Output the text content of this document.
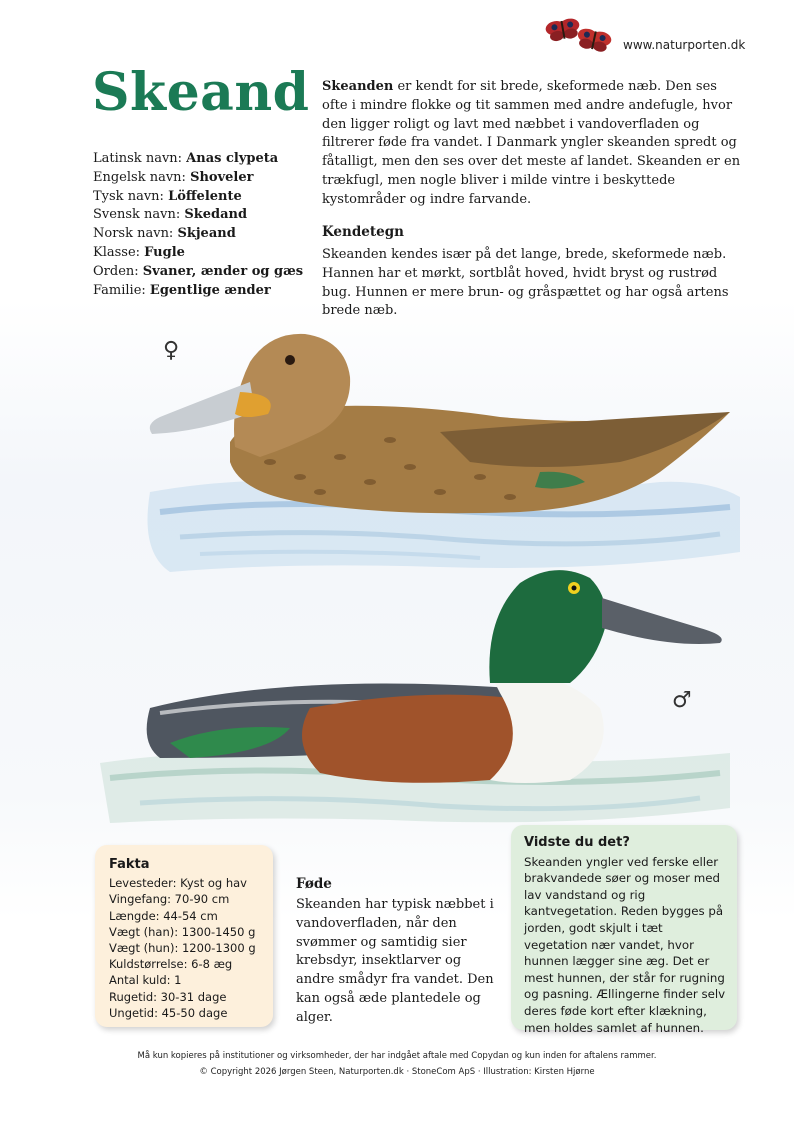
www.naturporten.dk
Skeand
Latinsk navn: Anas clypeta
Engelsk navn: Shoveler
Tysk navn: Löffelente
Svensk navn: Skedand
Norsk navn: Skjeand
Klasse: Fugle
Orden: Svaner, ænder og gæs
Familie: Egentlige ænder

Skeanden er kendt for sit brede, skeformede næb. Den ses ofte i mindre flokke og tit sammen med andre andefugle, hvor den ligger roligt og lavt med næbbet i vandoverfladen og filtrerer føde fra vandet. I Danmark yngler skeanden spredt og fåtalligt, men den ses over det meste af landet. Skeanden er en trækfugl, men nogle bliver i milde vintre i beskyttede kystområder og indre farvande.

Kendetegn

Skeanden kendes især på det lange, brede, skeformede næb. Hannen har et mørkt, sortblåt hoved, hvidt bryst og rustrød bug. Hunnen er mere brun- og gråspættet og har også artens brede næb.

♀
♂
Fakta
Levesteder: Kyst og hav
Vingefang: 70-90 cm
Længde: 44-54 cm
Vægt (han): 1300-1450 g
Vægt (hun): 1200-1300 g
Kuldstørrelse: 6-8 æg
Antal kuld: 1
Rugetid: 30-31 dage
Ungetid: 45-50 dage
Føde

Skeanden har typisk næbbet i vandoverfladen, når den svømmer og samtidig sier krebsdyr, insektlarver og andre smådyr fra vandet. Den kan også æde plantedele og alger.

Vidste du det?
Skeanden yngler ved ferske eller brakvandede søer og moser med lav vandstand og rig kantvegetation. Reden bygges på jorden, godt skjult i tæt vegetation nær vandet, hvor hunnen lægger sine æg. Det er mest hunnen, der står for rugning og pasning. Ællingerne finder selv deres føde kort efter klækning, men holdes samlet af hunnen.
Må kun kopieres på institutioner og virksomheder, der har indgået aftale med Copydan og kun inden for aftalens rammer.
© Copyright 2026 Jørgen Steen, Naturporten.dk · StoneCom ApS · Illustration: Kirsten Hjørne
